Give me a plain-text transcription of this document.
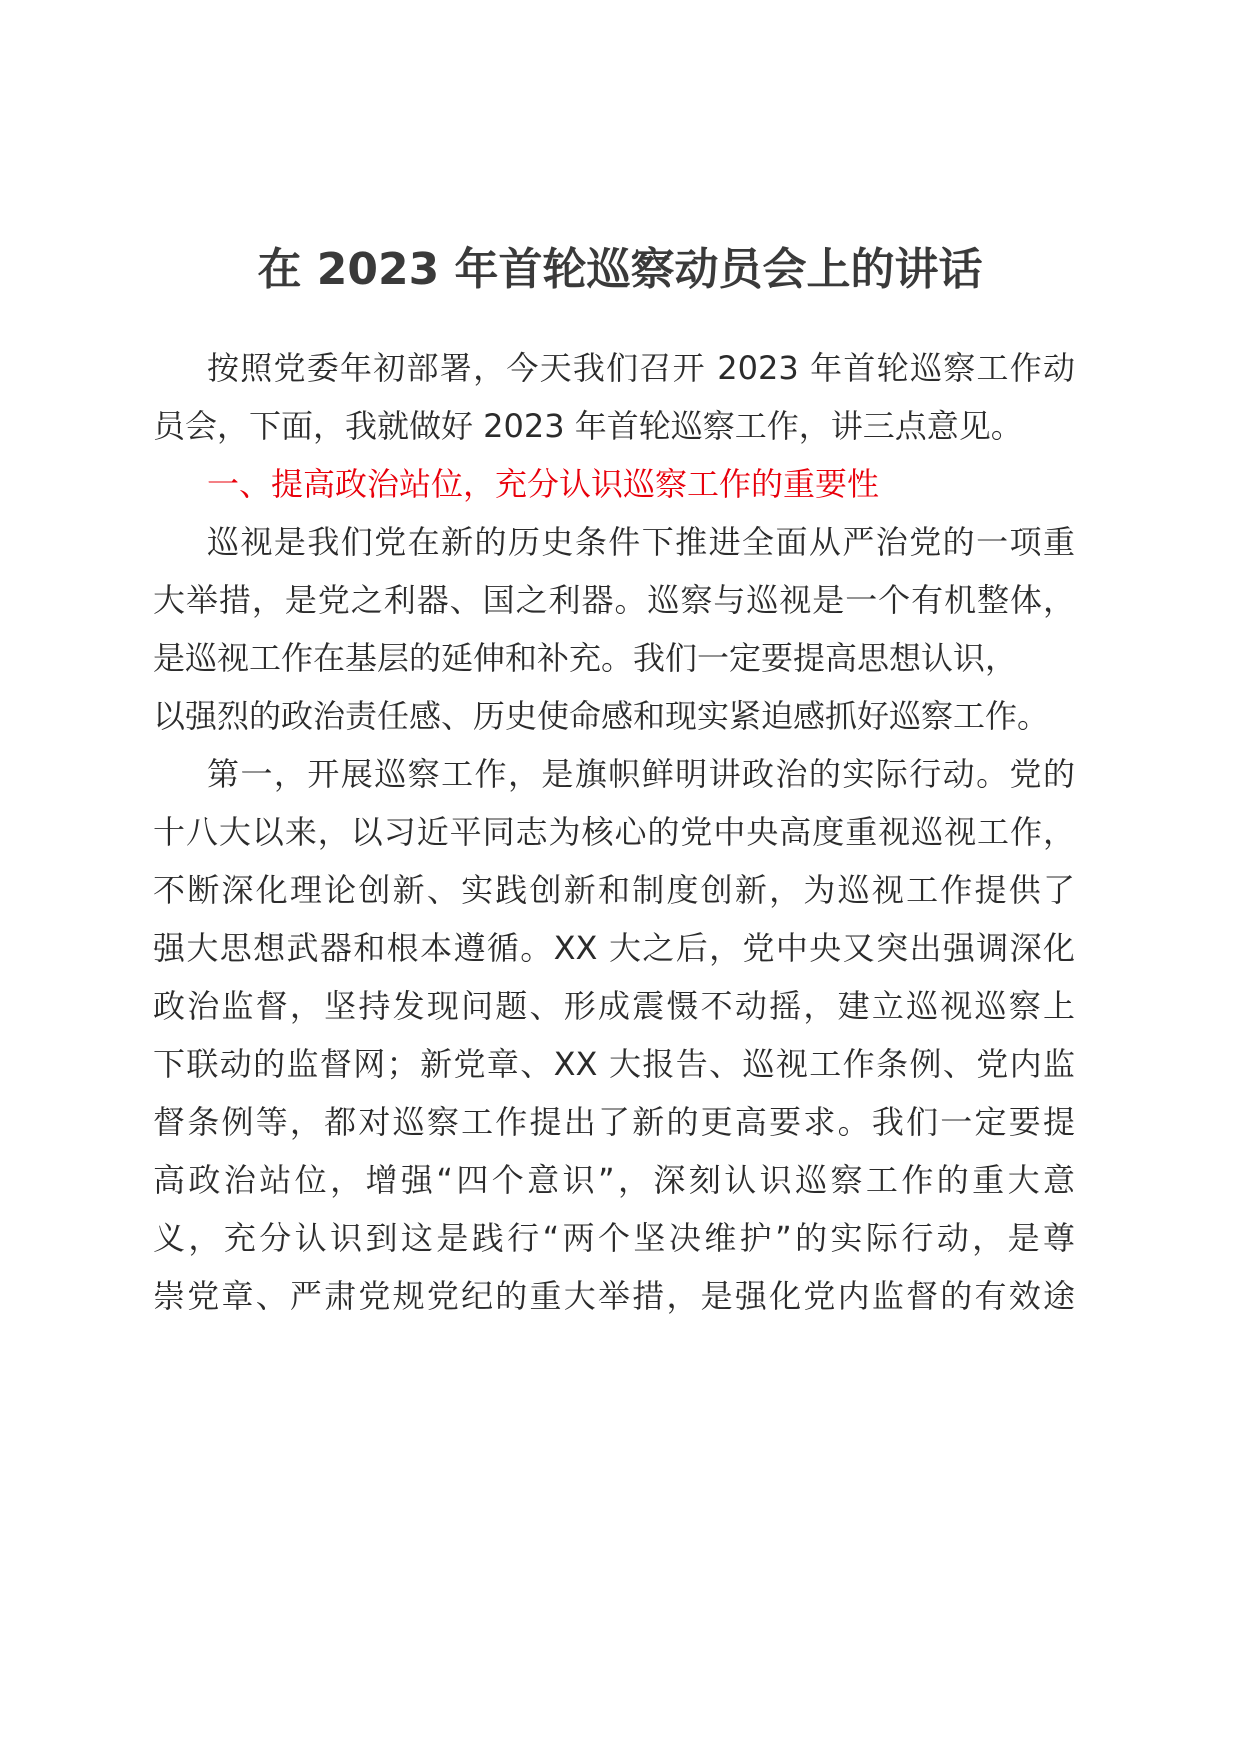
在 2023 年首轮巡察动员会上的讲话

按照党委年初部署，今天我们召开 2023 年首轮巡察工作动

员会，下面，我就做好 2023 年首轮巡察工作，讲三点意见。

一、提高政治站位，充分认识巡察工作的重要性

巡视是我们党在新的历史条件下推进全面从严治党的一项重

大举措，是党之利器、国之利器。巡察与巡视是一个有机整体，

是巡视工作在基层的延伸和补充。我们一定要提高思想认识，

以强烈的政治责任感、历史使命感和现实紧迫感抓好巡察工作。

第一，开展巡察工作，是旗帜鲜明讲政治的实际行动。党的

十八大以来，以习近平同志为核心的党中央高度重视巡视工作，

不断深化理论创新、实践创新和制度创新，为巡视工作提供了

强大思想武器和根本遵循。XX 大之后，党中央又突出强调深化

政治监督，坚持发现问题、形成震慑不动摇，建立巡视巡察上

下联动的监督网；新党章、XX 大报告、巡视工作条例、党内监

督条例等，都对巡察工作提出了新的更高要求。我们一定要提

高政治站位，增强“四个意识”，深刻认识巡察工作的重大意

义，充分认识到这是践行“两个坚决维护”的实际行动，是尊

崇党章、严肃党规党纪的重大举措，是强化党内监督的有效途
